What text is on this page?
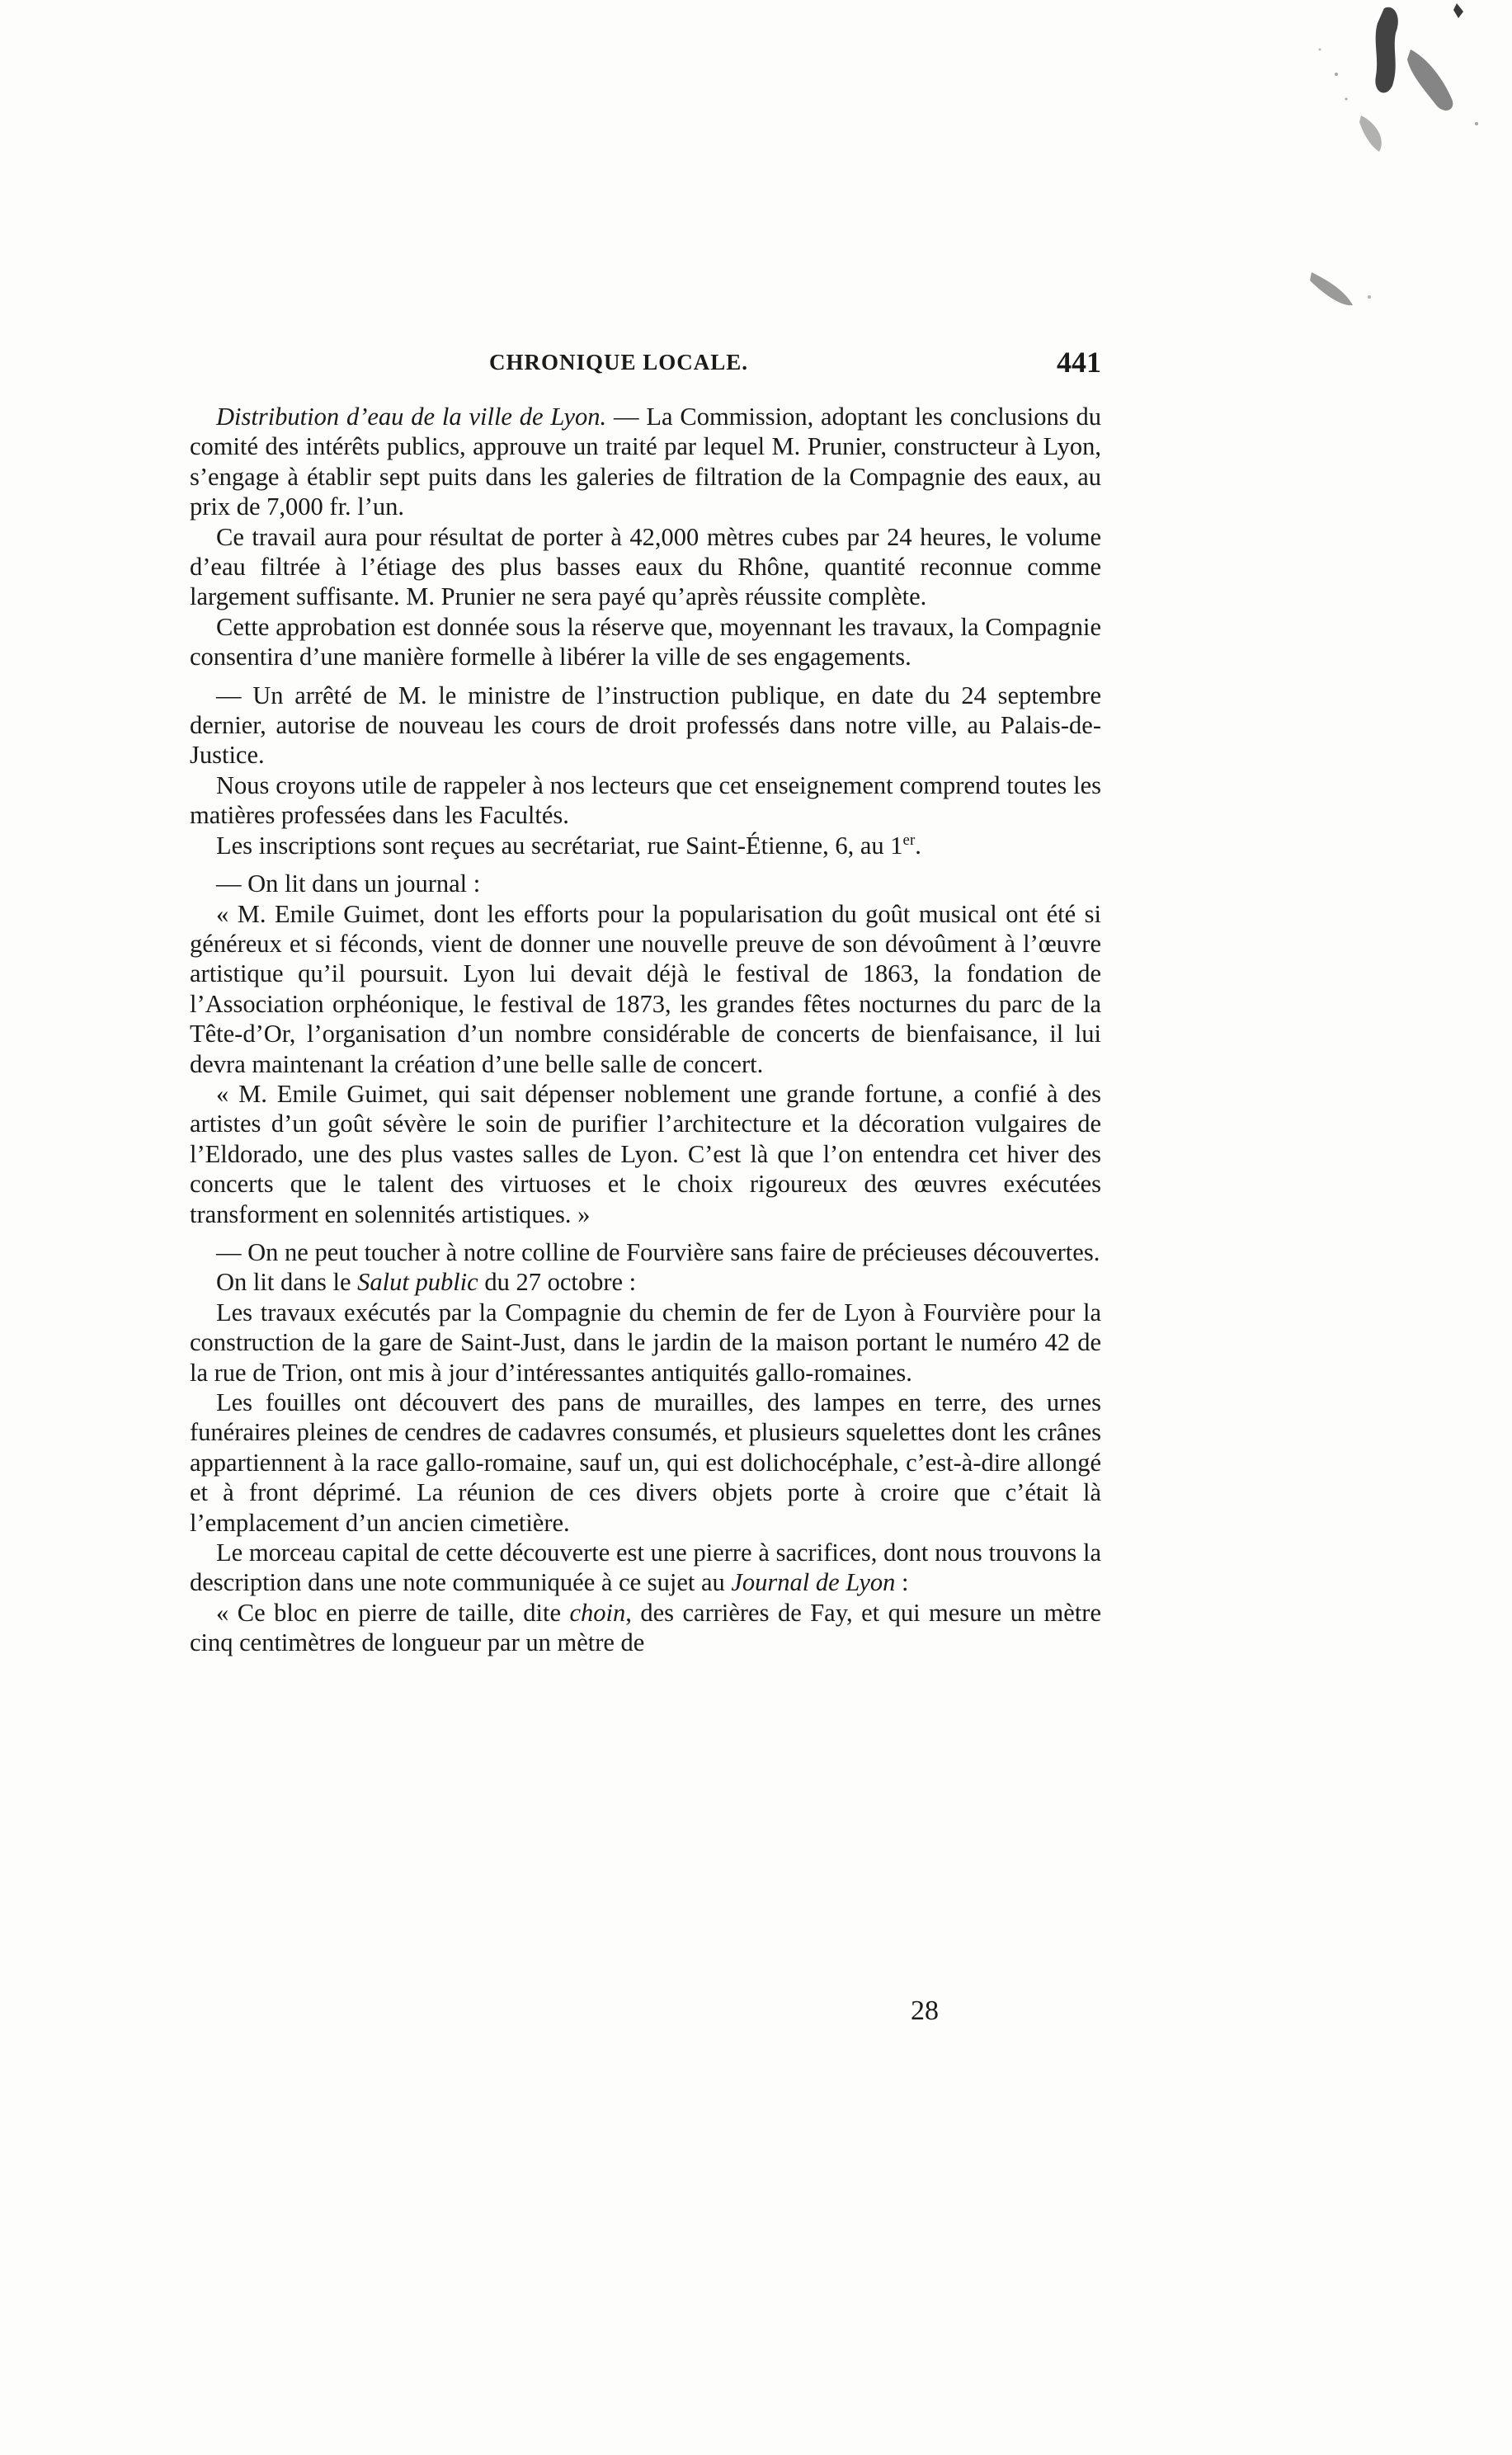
CHRONIQUE LOCALE.	441

Distribution d’eau de la ville de Lyon. — La Commission, adoptant les conclusions du comité des intérêts publics, approuve un traité par lequel M. Prunier, constructeur à Lyon, s’engage à établir sept puits dans les galeries de filtration de la Compagnie des eaux, au prix de 7,000 fr. l’un.

Ce travail aura pour résultat de porter à 42,000 mètres cubes par 24 heures, le volume d’eau filtrée à l’étiage des plus basses eaux du Rhône, quantité reconnue comme largement suffisante. M. Prunier ne sera payé qu’après réussite complète.

Cette approbation est donnée sous la réserve que, moyennant les travaux, la Compagnie consentira d’une manière formelle à libérer la ville de ses engagements.

— Un arrêté de M. le ministre de l’instruction publique, en date du 24 septembre dernier, autorise de nouveau les cours de droit professés dans notre ville, au Palais-de-Justice.

Nous croyons utile de rappeler à nos lecteurs que cet enseignement comprend toutes les matières professées dans les Facultés.

Les inscriptions sont reçues au secrétariat, rue Saint-Étienne, 6, au 1er.

— On lit dans un journal :

« M. Emile Guimet, dont les efforts pour la popularisation du goût musical ont été si généreux et si féconds, vient de donner une nouvelle preuve de son dévoûment à l’œuvre artistique qu’il poursuit. Lyon lui devait déjà le festival de 1863, la fondation de l’Association orphéonique, le festival de 1873, les grandes fêtes nocturnes du parc de la Tête-d’Or, l’organisation d’un nombre considérable de concerts de bienfaisance, il lui devra maintenant la création d’une belle salle de concert.

« M. Emile Guimet, qui sait dépenser noblement une grande fortune, a confié à des artistes d’un goût sévère le soin de purifier l’architecture et la décoration vulgaires de l’Eldorado, une des plus vastes salles de Lyon. C’est là que l’on entendra cet hiver des concerts que le talent des virtuoses et le choix rigoureux des œuvres exécutées transforment en solennités artistiques. »

— On ne peut toucher à notre colline de Fourvière sans faire de précieuses découvertes.

On lit dans le Salut public du 27 octobre :

Les travaux exécutés par la Compagnie du chemin de fer de Lyon à Fourvière pour la construction de la gare de Saint-Just, dans le jardin de la maison portant le numéro 42 de la rue de Trion, ont mis à jour d’intéressantes antiquités gallo-romaines.

Les fouilles ont découvert des pans de murailles, des lampes en terre, des urnes funéraires pleines de cendres de cadavres consumés, et plusieurs squelettes dont les crânes appartiennent à la race gallo-romaine, sauf un, qui est dolichocéphale, c’est-à-dire allongé et à front déprimé. La réunion de ces divers objets porte à croire que c’était là l’emplacement d’un ancien cimetière.

Le morceau capital de cette découverte est une pierre à sacrifices, dont nous trouvons la description dans une note communiquée à ce sujet au Journal de Lyon :

« Ce bloc en pierre de taille, dite choin, des carrières de Fay, et qui mesure un mètre cinq centimètres de longueur par un mètre de

28
